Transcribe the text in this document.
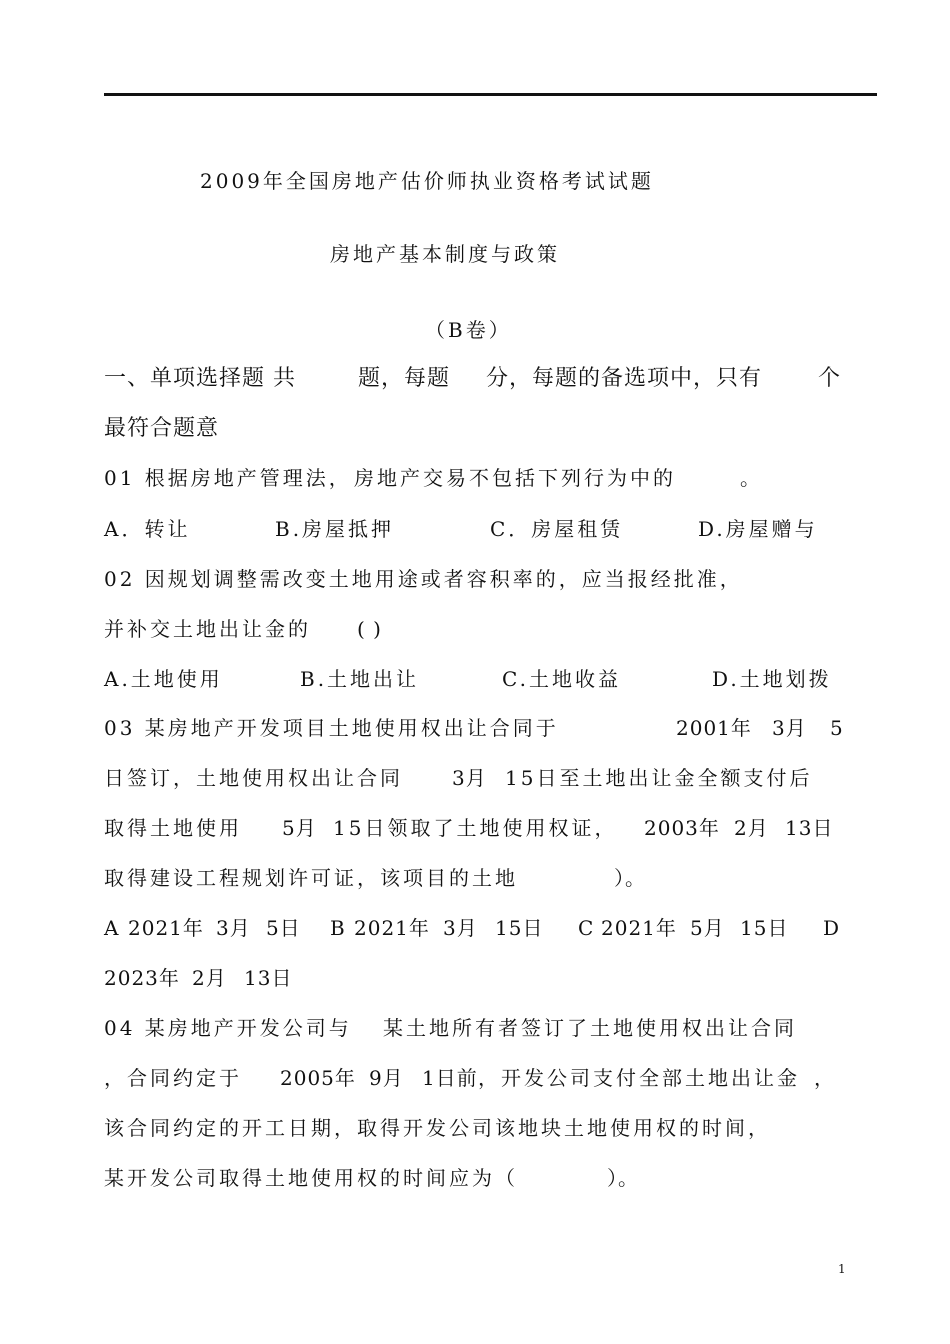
2009年全国房地产估价师执业资格考试试题
房地产基本制度与政策
（B卷）
一、单项选择题 共	题，每题 分，每题的备选项中，只有	个
最符合题意
01 根据房地产管理法， 房地产交易不包括下列行为中的	。
A．转让	B.房屋抵押	C．房屋租赁	D.房屋赠与
02 因规划调整需改变土地用途或者容积率的，应当报经批准，
并补交土地出让金的 ( )
A.土地使用	B.土地出让	C.土地收益	D.土地划拨
03 某房地产开发项目土地使用权出让合同于	2001年 3月 5
日签订，土地使用权出让合同 3月 15日至土地出让金全额支付后
取得土地使用 5月 15日领取了土地使用权证， 2003年 2月 13日
取得建设工程规划许可证，该项目的土地	）。
A 2021年 3月 5日 B 2021年 3月 15日 C 2021年 5月 15日 D
2023年 2月 13日
04 某房地产开发公司与 某土地所有者签订了土地使用权出让合同
，合同约定于 2005年 9月 1日前 ，开发公司支付全部土地出让金 ，
该合同约定的开工日期，取得开发公司该地块土地使用权的时间，
某开发公司取得土地使用权的时间应为（	）。
1
